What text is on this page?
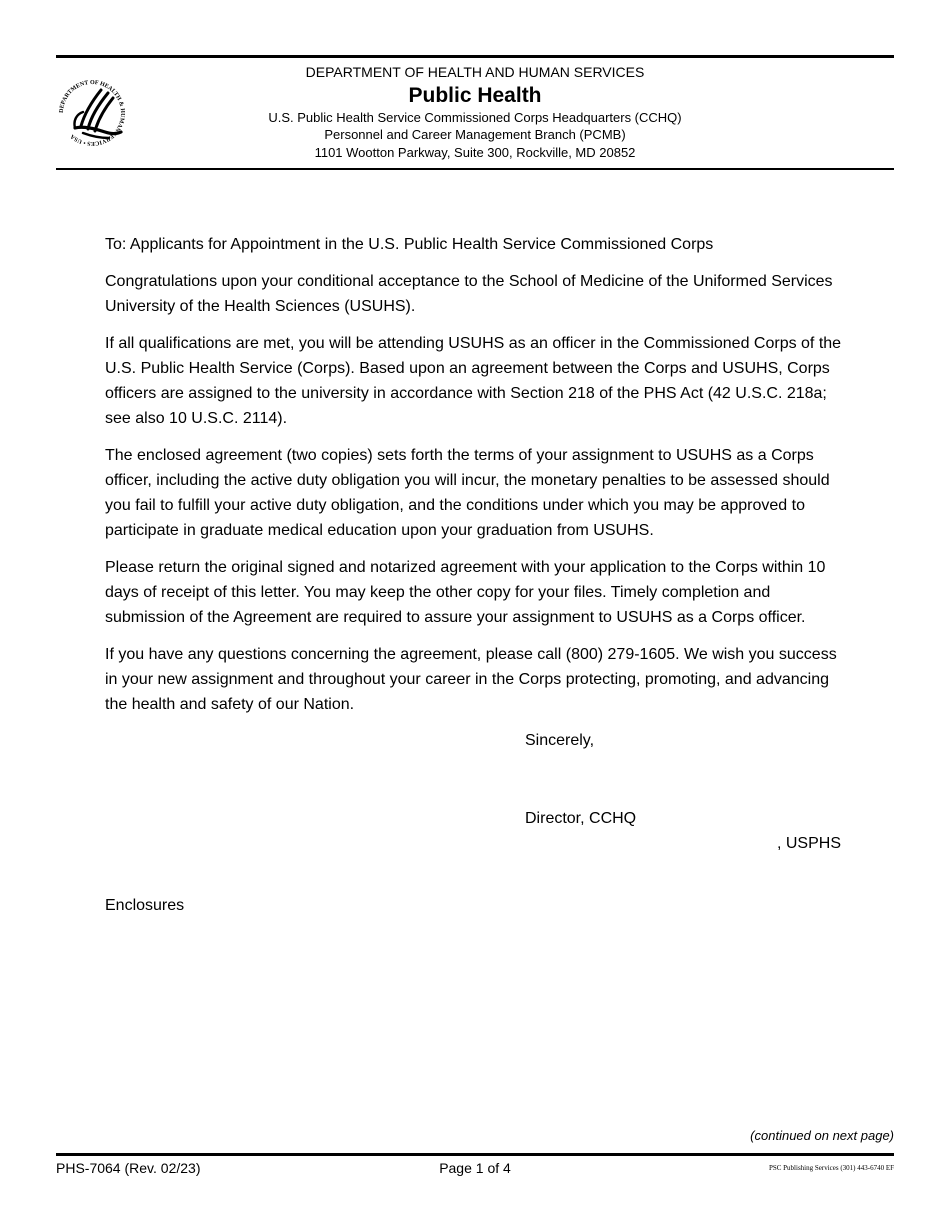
DEPARTMENT OF HEALTH & HUMAN SERVICES • USA
DEPARTMENT OF HEALTH AND HUMAN SERVICES
Public Health
U.S. Public Health Service Commissioned Corps Headquarters (CCHQ)
Personnel and Career Management Branch (PCMB)
1101 Wootton Parkway, Suite 300, Rockville, MD 20852

To: Applicants for Appointment in the U.S. Public Health Service Commissioned Corps

Congratulations upon your conditional acceptance to the School of Medicine of the Uniformed Services University of the Health Sciences (USUHS).

If all qualifications are met, you will be attending USUHS as an officer in the Commissioned Corps of the U.S. Public Health Service (Corps). Based upon an agreement between the Corps and USUHS, Corps officers are assigned to the university in accordance with Section 218 of the PHS Act (42 U.S.C. 218a; see also 10 U.S.C. 2114).

The enclosed agreement (two copies) sets forth the terms of your assignment to USUHS as a Corps officer, including the active duty obligation you will incur, the monetary penalties to be assessed should you fail to fulfill your active duty obligation, and the conditions under which you may be approved to participate in graduate medical education upon your graduation from USUHS.

Please return the original signed and notarized agreement with your application to the Corps within 10 days of receipt of this letter. You may keep the other copy for your files. Timely completion and submission of the Agreement are required to assure your assignment to USUHS as a Corps officer.

If you have any questions concerning the agreement, please call (800) 279-1605. We wish you success in your new assignment and throughout your career in the Corps protecting, promoting, and advancing the health and safety of our Nation.

Sincerely,
Director, CCHQ
, USPHS
Enclosures
(continued on next page)
PHS-7064 (Rev. 02/23)	Page 1 of 4	PSC Publishing Services (301) 443-6740 EF
